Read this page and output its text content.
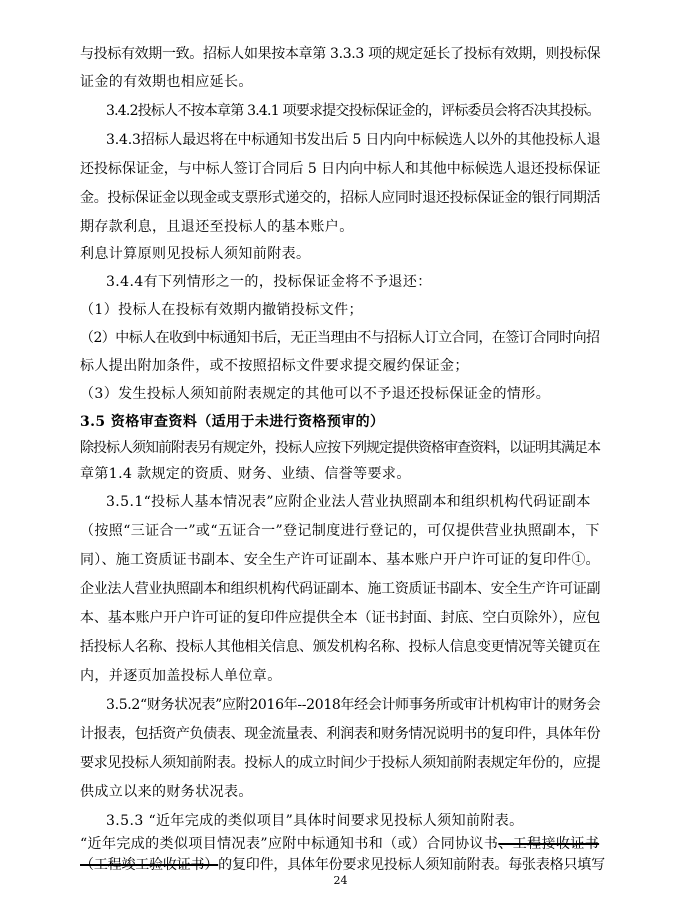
与投标有效期一致。招标人如果按本章第 3.3.3 项的规定延长了投标有效期，则投标保
证金的有效期也相应延长。
3.4.2投标人不按本章第 3.4.1 项要求提交投标保证金的，评标委员会将否决其投标。
3.4.3招标人最迟将在中标通知书发出后 5 日内向中标候选人以外的其他投标人退
还投标保证金，与中标人签订合同后 5 日内向中标人和其他中标候选人退还投标保证
金。投标保证金以现金或支票形式递交的，招标人应同时退还投标保证金的银行同期活
期存款利息，且退还至投标人的基本账户。
利息计算原则见投标人须知前附表。
3.4.4有下列情形之一的，投标保证金将不予退还：
（1）投标人在投标有效期内撤销投标文件；
（2）中标人在收到中标通知书后，无正当理由不与招标人订立合同，在签订合同时向招
标人提出附加条件，或不按照招标文件要求提交履约保证金；
（3）发生投标人须知前附表规定的其他可以不予退还投标保证金的情形。
3.5 资格审查资料（适用于未进行资格预审的）
除投标人须知前附表另有规定外，投标人应按下列规定提供资格审查资料，以证明其满足本
章第1.4 款规定的资质、财务、业绩、信誉等要求。
3.5.1“投标人基本情况表”应附企业法人营业执照副本和组织机构代码证副本
（按照“三证合一”或“五证合一”登记制度进行登记的，可仅提供营业执照副本，下
同）、施工资质证书副本、安全生产许可证副本、基本账户开户许可证的复印件①。
企业法人营业执照副本和组织机构代码证副本、施工资质证书副本、安全生产许可证副
本、基本账户开户许可证的复印件应提供全本（证书封面、封底、空白页除外），应包
括投标人名称、投标人其他相关信息、颁发机构名称、投标人信息变更情况等关键页在
内，并逐页加盖投标人单位章。
3.5.2“财务状况表”应附2016年--2018年经会计师事务所或审计机构审计的财务会
计报表，包括资产负债表、现金流量表、利润表和财务情况说明书的复印件，具体年份
要求见投标人须知前附表。投标人的成立时间少于投标人须知前附表规定年份的，应提
供成立以来的财务状况表。
3.5.3 “近年完成的类似项目”具体时间要求见投标人须知前附表。
“近年完成的类似项目情况表”应附中标通知书和（或）合同协议书、工程接收证书
（工程竣工验收证书）的复印件，具体年份要求见投标人须知前附表。每张表格只填写
24
